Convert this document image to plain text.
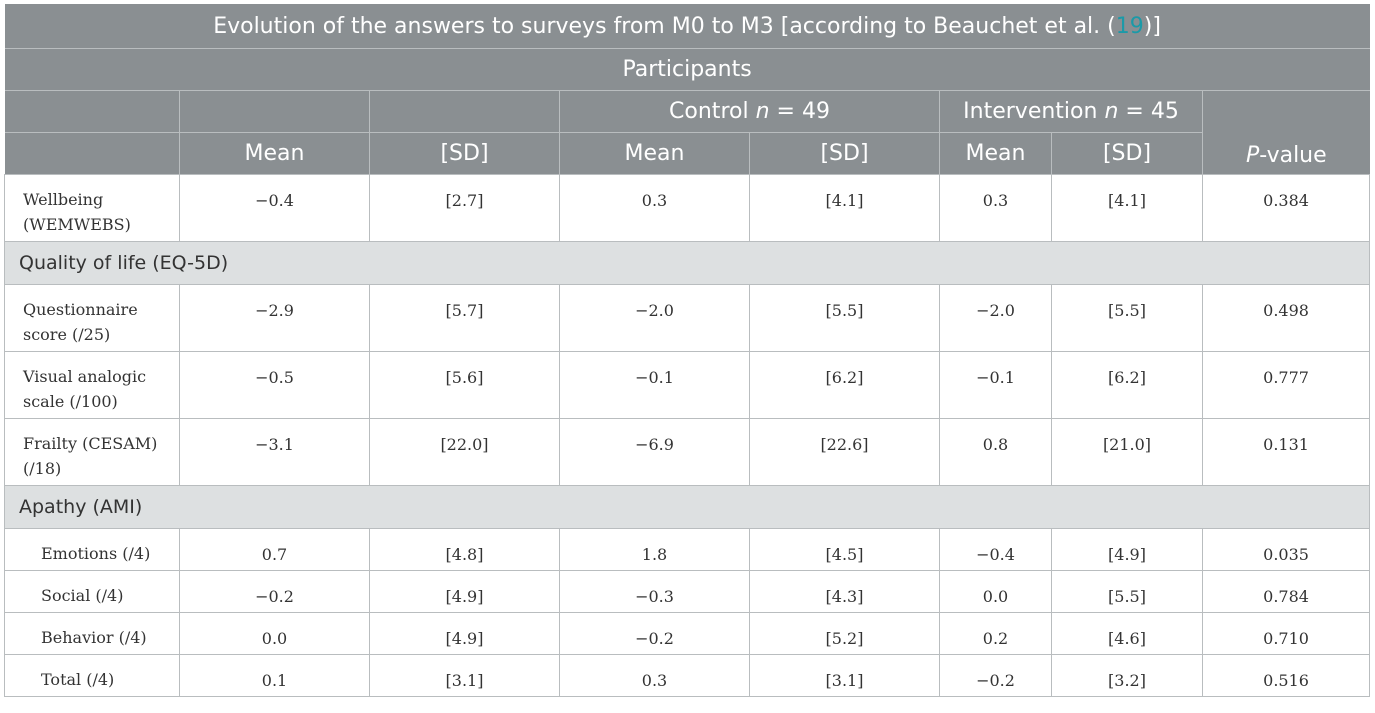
Evolution of the answers to surveys from M0 to M3 [according to Beauchet et al. (19)]							
Participants							
			Control n = 49		Intervention n = 45		P-value
	Mean	[SD]	Mean	[SD]	Mean	[SD]	
Wellbeing (WEMWEBS)	−0.4	[2.7]	0.3	[4.1]	0.3	[4.1]	0.384
Quality of life (EQ-5D)							
Questionnaire score (/25)	−2.9	[5.7]	−2.0	[5.5]	−2.0	[5.5]	0.498
Visual analogic scale (/100)	−0.5	[5.6]	−0.1	[6.2]	−0.1	[6.2]	0.777
Frailty (CESAM) (/18)	−3.1	[22.0]	−6.9	[22.6]	0.8	[21.0]	0.131
Apathy (AMI)							
Emotions (/4)	0.7	[4.8]	1.8	[4.5]	−0.4	[4.9]	0.035
Social (/4)	−0.2	[4.9]	−0.3	[4.3]	0.0	[5.5]	0.784
Behavior (/4)	0.0	[4.9]	−0.2	[5.2]	0.2	[4.6]	0.710
Total (/4)	0.1	[3.1]	0.3	[3.1]	−0.2	[3.2]	0.516
